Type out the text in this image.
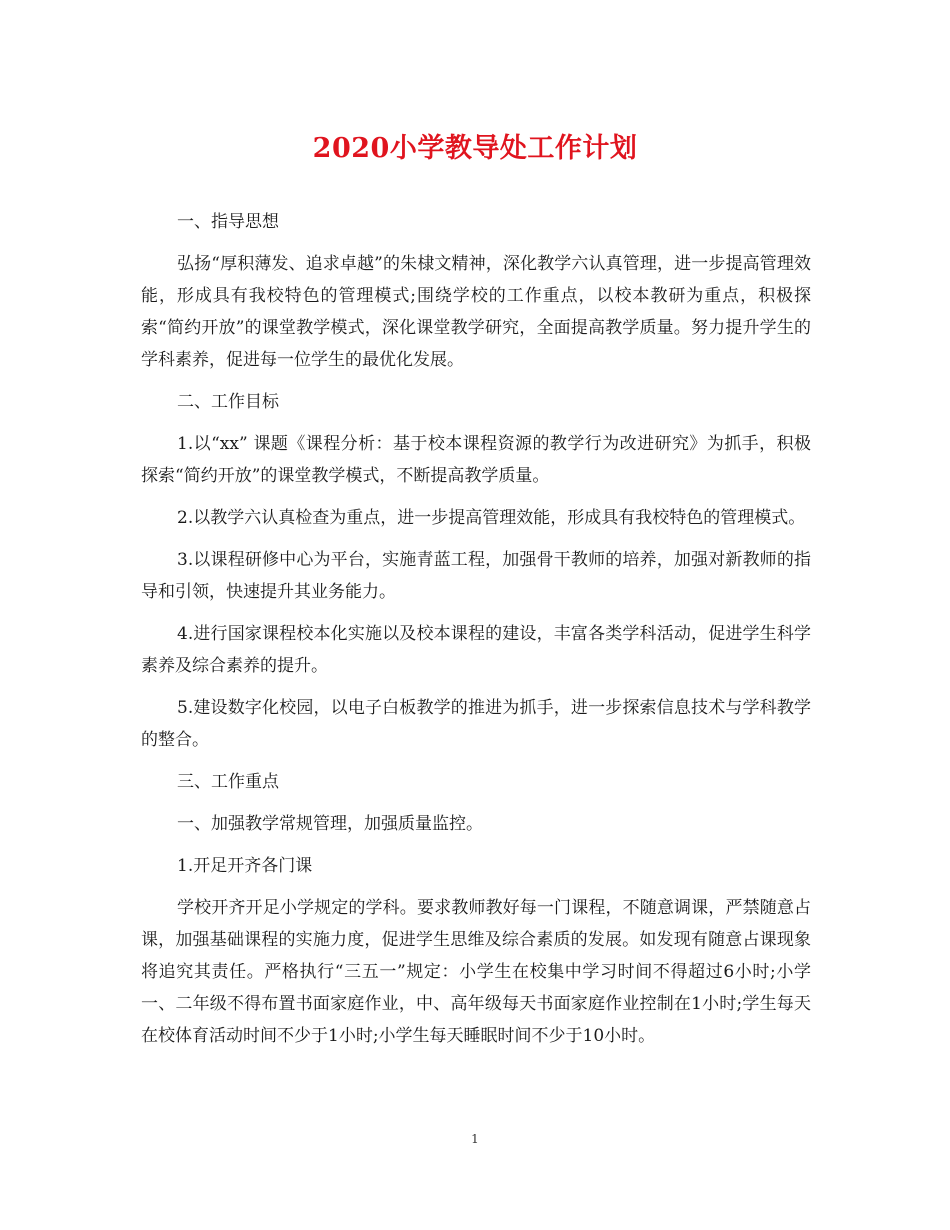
2020小学教导处工作计划

一、指导思想

弘扬“厚积薄发、追求卓越”的朱棣文精神，深化教学六认真管理，进一步提高管理效能，形成具有我校特色的管理模式;围绕学校的工作重点，以校本教研为重点，积极探索“简约开放”的课堂教学模式，深化课堂教学研究，全面提高教学质量。努力提升学生的学科素养，促进每一位学生的最优化发展。

二、工作目标

1.以“xx” 课题《课程分析：基于校本课程资源的教学行为改进研究》为抓手，积极探索“简约开放”的课堂教学模式，不断提高教学质量。

2.以教学六认真检查为重点，进一步提高管理效能，形成具有我校特色的管理模式。

3.以课程研修中心为平台，实施青蓝工程，加强骨干教师的培养，加强对新教师的指导和引领，快速提升其业务能力。

4.进行国家课程校本化实施以及校本课程的建设，丰富各类学科活动，促进学生科学素养及综合素养的提升。

5.建设数字化校园，以电子白板教学的推进为抓手，进一步探索信息技术与学科教学的整合。

三、工作重点

一、加强教学常规管理，加强质量监控。

1.开足开齐各门课

学校开齐开足小学规定的学科。要求教师教好每一门课程，不随意调课，严禁随意占课，加强基础课程的实施力度，促进学生思维及综合素质的发展。如发现有随意占课现象将追究其责任。严格执行“三五一”规定：小学生在校集中学习时间不得超过6小时;小学一、二年级不得布置书面家庭作业，中、高年级每天书面家庭作业控制在1小时;学生每天在校体育活动时间不少于1小时;小学生每天睡眠时间不少于10小时。

1
